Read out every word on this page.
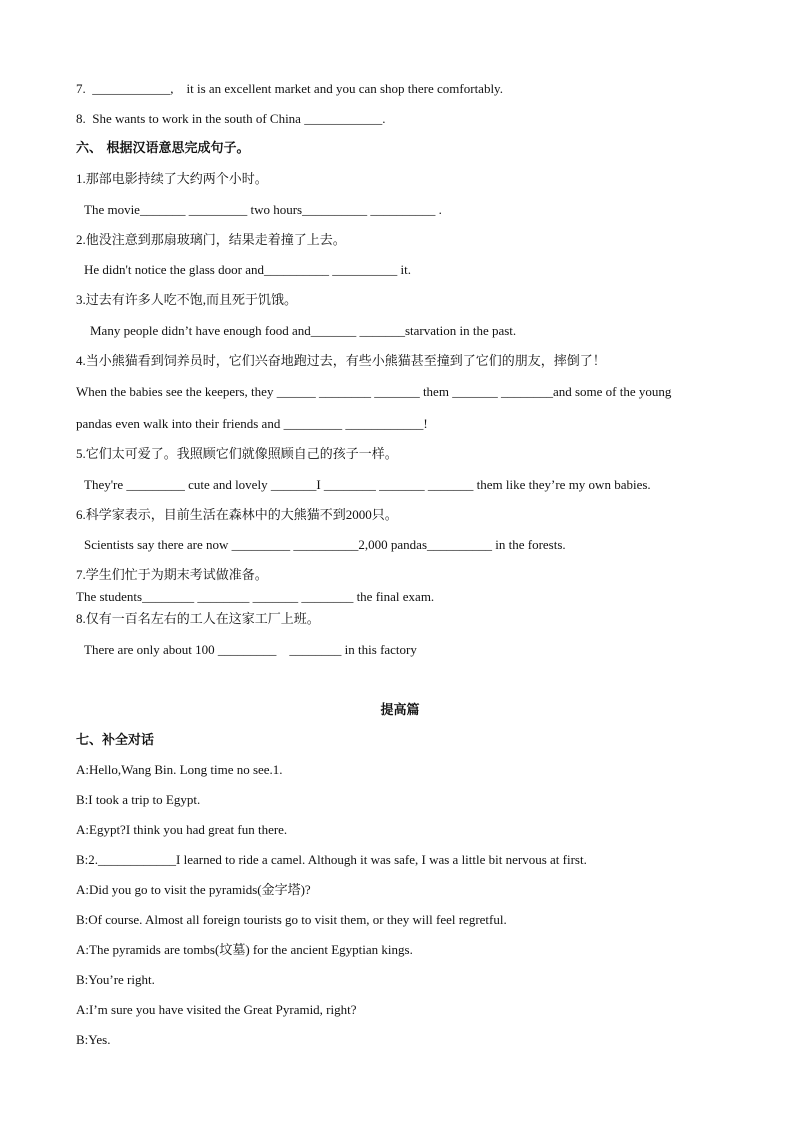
7.  ____________,    it is an excellent market and you can shop there comfortably.
8.  She wants to work in the south of China ____________.
六、 根据汉语意思完成句子。
1.那部电影持续了大约两个小时。
The movie_______ _________ two hours__________ __________ .
2.他没注意到那扇玻璃门，结果走着撞了上去。
He didn't notice the glass door and__________ __________ it.
3.过去有许多人吃不饱,而且死于饥饿。
Many people didn’t have enough food and_______ _______starvation in the past.
4.当小熊猫看到饲养员时，它们兴奋地跑过去，有些小熊猫甚至撞到了它们的朋友，摔倒了！
When the babies see the keepers, they ______ ________ _______ them _______ ________and some of the young
pandas even walk into their friends and _________ ____________!
5.它们太可爱了。我照顾它们就像照顾自己的孩子一样。
They're _________ cute and lovely _______I ________ _______ _______ them like they’re my own babies.
6.科学家表示，目前生活在森林中的大熊猫不到2000只。
Scientists say there are now _________ __________2,000 pandas__________ in the forests.
7.学生们忙于为期末考试做准备。
The students________ ________ _______ ________ the final exam.
8.仅有一百名左右的工人在这家工厂上班。
There are only about 100 _________    ________ in this factory
提高篇
七、补全对话
A:Hello,Wang Bin. Long time no see.1.
B:I took a trip to Egypt.
A:Egypt?I think you had great fun there.
B:2.____________I learned to ride a camel. Although it was safe, I was a little bit nervous at first.
A:Did you go to visit the pyramids(金字塔)?
B:Of course. Almost all foreign tourists go to visit them, or they will feel regretful.
A:The pyramids are tombs(坟墓) for the ancient Egyptian kings.
B:You’re right.
A:I’m sure you have visited the Great Pyramid, right?
B:Yes.
